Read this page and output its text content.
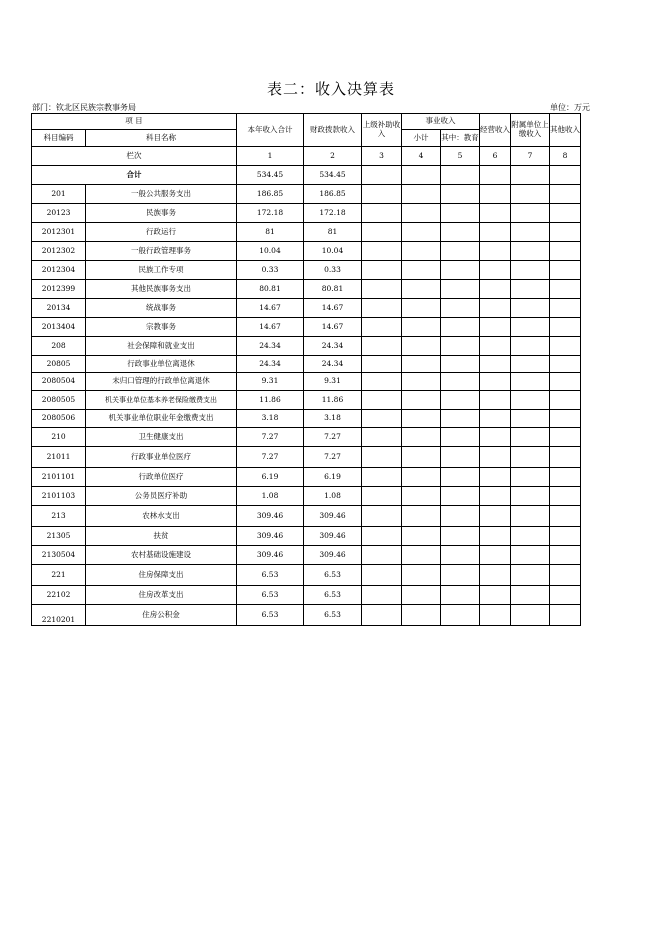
表二：收入决算表
部门：钦北区民族宗教事务局	单位：万元
项 目		本年收入合计	财政拨款收入	上级补助收入	事业收入		经营收入	附属单位上缴收入	其他收入
科目编码	科目名称				小计	其中：教育			
栏次		1	2	3	4	5	6	7	8
合计		534.45	534.45						
201	一般公共服务支出	186.85	186.85						
20123	民族事务	172.18	172.18						
2012301	行政运行	81	81						
2012302	一般行政管理事务	10.04	10.04						
2012304	民族工作专项	0.33	0.33						
2012399	其他民族事务支出	80.81	80.81						
20134	统战事务	14.67	14.67						
2013404	宗教事务	14.67	14.67						
208	社会保障和就业支出	24.34	24.34						
20805	行政事业单位离退休	24.34	24.34						
2080504	未归口管理的行政单位离退休	9.31	9.31						
2080505	机关事业单位基本养老保险缴费支出	11.86	11.86						
2080506	机关事业单位职业年金缴费支出	3.18	3.18						
210	卫生健康支出	7.27	7.27						
21011	行政事业单位医疗	7.27	7.27						
2101101	行政单位医疗	6.19	6.19						
2101103	公务员医疗补助	1.08	1.08						
213	农林水支出	309.46	309.46						
21305	扶贫	309.46	309.46						
2130504	农村基础设施建设	309.46	309.46						
221	住房保障支出	6.53	6.53						
22102	住房改革支出	6.53	6.53						
2210201	住房公积金	6.53	6.53						
